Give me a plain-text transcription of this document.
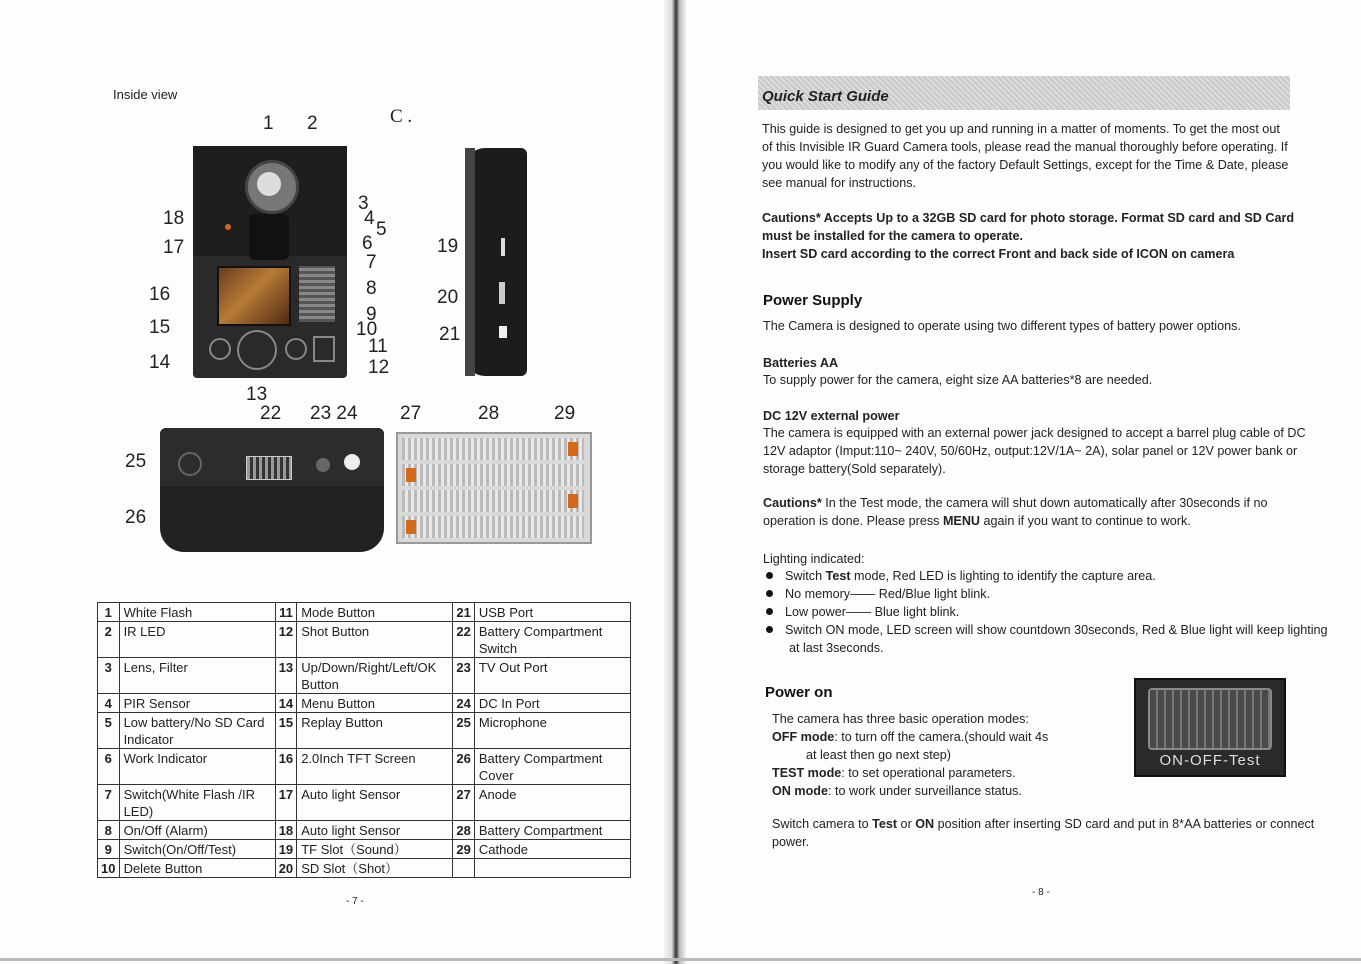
Inside view
1 2	C .
3
4
5
6
7
8
9
10
11
12
13
14
15
16
17
18
19
20
21
22 23 24
25
26
27	28	29
1	White Flash	11	Mode Button	21	USB Port
2	IR LED	12	Shot Button	22	Battery Compartment Switch
3	Lens, Filter	13	Up/Down/Right/Left/OK Button	23	TV Out Port
4	PIR Sensor	14	Menu Button	24	DC In Port
5	Low battery/No SD Card Indicator	15	Replay Button	25	Microphone
6	Work Indicator	16	2.0Inch TFT Screen	26	Battery Compartment Cover
7	Switch(White Flash /IR LED)	17	Auto light Sensor	27	Anode
8	On/Off (Alarm)	18	Auto light Sensor	28	Battery Compartment
9	Switch(On/Off/Test)	19	TF Slot（Sound）	29	Cathode
10	Delete Button	20	SD Slot（Shot）		
- 7 -
Quick Start Guide
This guide is designed to get you up and running in a matter of moments. To get the most out of this Invisible IR Guard Camera tools, please read the manual thoroughly before operating. If you would like to modify any of the factory Default Settings, except for the Time & Date, please see manual for instructions.
Cautions* Accepts Up to a 32GB SD card for photo storage. Format SD card and SD Card must be installed for the camera to operate.
Insert SD card according to the correct Front and back side of ICON on camera
Power Supply
The Camera is designed to operate using two different types of battery power options.
Batteries AA
To supply power for the camera, eight size AA batteries*8 are needed.
DC 12V external power
The camera is equipped with an external power jack designed to accept a barrel plug cable of DC 12V adaptor (Imput:110~ 240V, 50/60Hz, output:12V/1A~ 2A), solar panel or 12V power bank or storage battery(Sold separately).
Cautions* In the Test mode, the camera will shut down automatically after 30seconds if no operation is done. Please press MENU again if you want to continue to work.
Lighting indicated:
Switch Test mode, Red LED is lighting to identify the capture area.
No memory—— Red/Blue light blink.
Low power—— Blue light blink.
Switch ON mode, LED screen will show countdown 30seconds, Red & Blue light will keep lighting at last 3seconds.
Power on
The camera has three basic operation modes:
OFF mode: to turn off the camera.(should wait 4s
at least then go next step)
TEST mode: to set operational parameters.
ON mode: to work under surveillance status.
ON-OFF-Test
Switch camera to Test or ON position after inserting SD card and put in 8*AA batteries or connect power.
- 8 -
